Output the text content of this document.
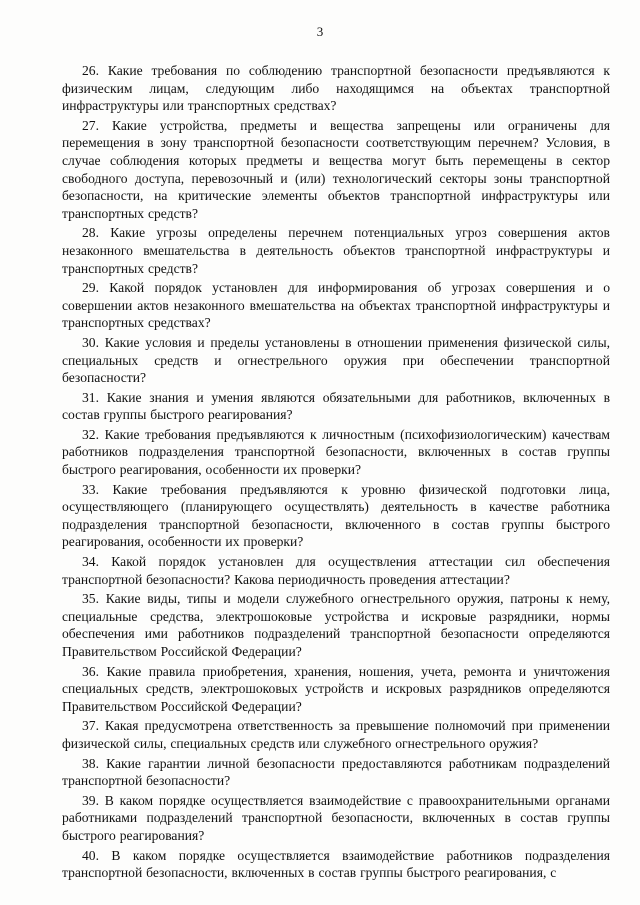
3

26. Какие требования по соблюдению транспортной безопасности предъявляются к физическим лицам, следующим либо находящимся на объектах транспортной инфраструктуры или транспортных средствах?

27. Какие устройства, предметы и вещества запрещены или ограничены для перемещения в зону транспортной безопасности соответствующим перечнем? Условия, в случае соблюдения которых предметы и вещества могут быть перемещены в сектор свободного доступа, перевозочный и (или) технологический секторы зоны транспортной безопасности, на критические элементы объектов транспортной инфраструктуры или транспортных средств?

28. Какие угрозы определены перечнем потенциальных угроз совершения актов незаконного вмешательства в деятельность объектов транспортной инфраструктуры и транспортных средств?

29. Какой порядок установлен для информирования об угрозах совершения и о совершении актов незаконного вмешательства на объектах транспортной инфраструктуры и транспортных средствах?

30. Какие условия и пределы установлены в отношении применения физической силы, специальных средств и огнестрельного оружия при обеспечении транспортной безопасности?

31. Какие знания и умения являются обязательными для работников, включенных в состав группы быстрого реагирования?

32. Какие требования предъявляются к личностным (психофизиологическим) качествам работников подразделения транспортной безопасности, включенных в состав группы быстрого реагирования, особенности их проверки?

33. Какие требования предъявляются к уровню физической подготовки лица, осуществляющего (планирующего осуществлять) деятельность в качестве работника подразделения транспортной безопасности, включенного в состав группы быстрого реагирования, особенности их проверки?

34. Какой порядок установлен для осуществления аттестации сил обеспечения транспортной безопасности? Какова периодичность проведения аттестации?

35. Какие виды, типы и модели служебного огнестрельного оружия, патроны к нему, специальные средства, электрошоковые устройства и искровые разрядники, нормы обеспечения ими работников подразделений транспортной безопасности определяются Правительством Российской Федерации?

36. Какие правила приобретения, хранения, ношения, учета, ремонта и уничтожения специальных средств, электрошоковых устройств и искровых разрядников определяются Правительством Российской Федерации?

37. Какая предусмотрена ответственность за превышение полномочий при применении физической силы, специальных средств или служебного огнестрельного оружия?

38. Какие гарантии личной безопасности предоставляются работникам подразделений транспортной безопасности?

39. В каком порядке осуществляется взаимодействие с правоохранительными органами работниками подразделений транспортной безопасности, включенных в состав группы быстрого реагирования?

40. В каком порядке осуществляется взаимодействие работников подразделения транспортной безопасности, включенных в состав группы быстрого реагирования, с
